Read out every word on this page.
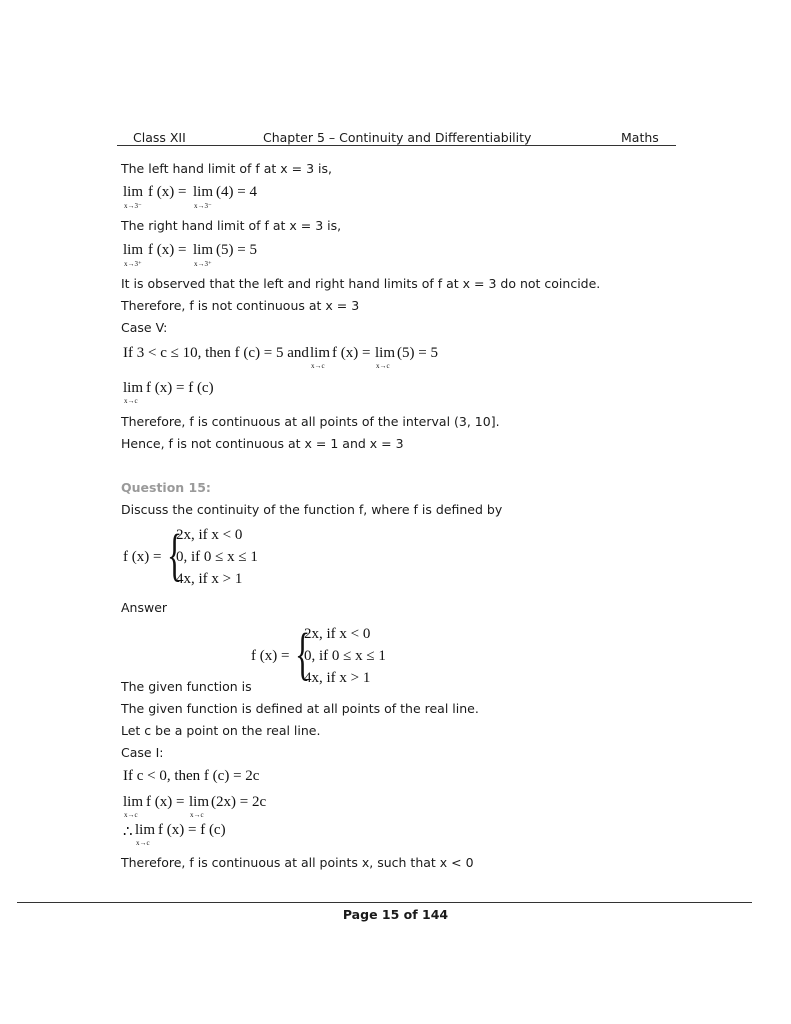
Class XII	Chapter 5 – Continuity and Differentiability	Maths
The left hand limit of f at x = 3 is,
lim
x→3⁻
f (x) = lim
x→3⁻
(4) = 4
The right hand limit of f at x = 3 is,
lim
x→3⁺
f (x) = lim
x→3⁺
(5) = 5
It is observed that the left and right hand limits of f at x = 3 do not coincide.
Therefore, f is not continuous at x = 3
Case V:
If 3 < c ≤ 10, then f (c) = 5 and lim
x→c
f (x) = lim
x→c
(5) = 5
lim
x→c
f (x) = f (c)
Therefore, f is continuous at all points of the interval (3, 10].
Hence, f is not continuous at x = 1 and x = 3
Question 15:
Discuss the continuity of the function f, where f is defined by
f (x) = {
2x, if x < 0
0, if 0 ≤ x ≤ 1
4x, if x > 1
Answer
f (x) = {
2x, if x < 0
0, if 0 ≤ x ≤ 1
4x, if x > 1
The given function is
The given function is defined at all points of the real line.
Let c be a point on the real line.
Case I:
If c < 0, then f (c) = 2c
lim
x→c
f (x) = lim
x→c
(2x) = 2c
∴ lim
x→c
f (x) = f (c)
Therefore, f is continuous at all points x, such that x < 0
Page 15 of 144
